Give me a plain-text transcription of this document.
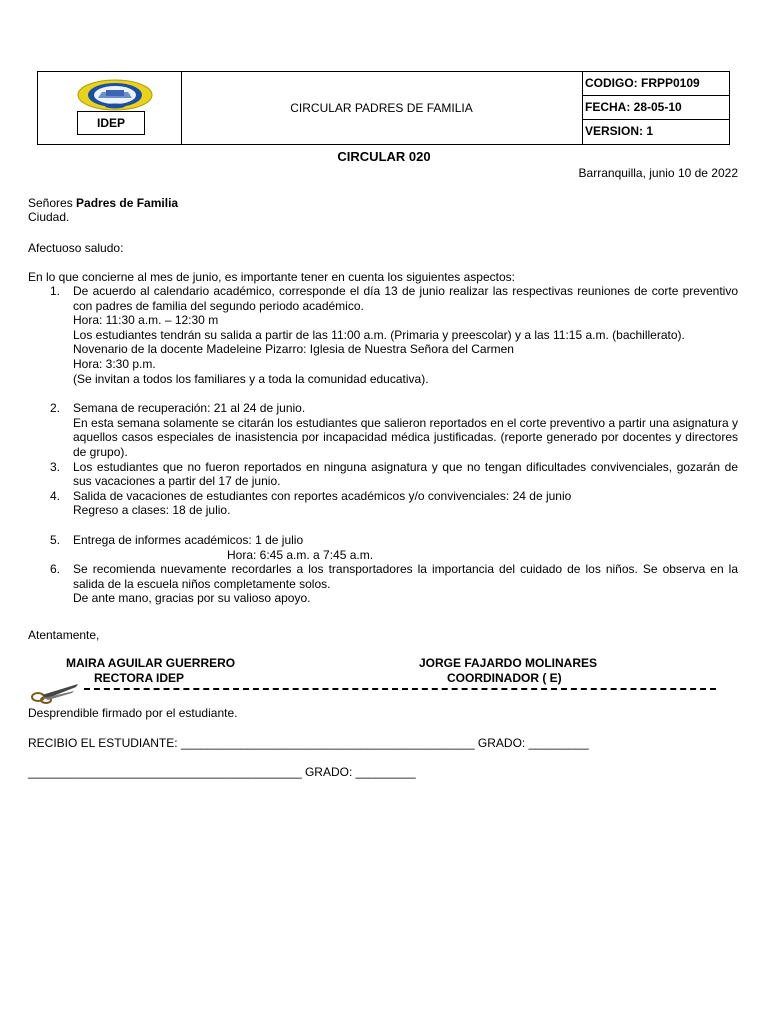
IDEP
CIRCULAR PADRES DE FAMILIA
CODIGO: FRPP0109
FECHA: 28-05-10
VERSION: 1
CIRCULAR 020
Barranquilla, junio 10 de 2022
Señores Padres de Familia
Ciudad.
Afectuoso saludo:
En lo que concierne al mes de junio, es importante tener en cuenta los siguientes aspectos:
1. De acuerdo al calendario académico, corresponde el día 13 de junio realizar las respectivas reuniones de corte preventivo con padres de familia del segundo periodo académico.
Hora: 11:30 a.m. – 12:30 m
Los estudiantes tendrán su salida a partir de las 11:00 a.m. (Primaria y preescolar) y a las 11:15 a.m. (bachillerato).
Novenario de la docente Madeleine Pizarro: Iglesia de Nuestra Señora del Carmen
Hora: 3:30 p.m.
(Se invitan a todos los familiares y a toda la comunidad educativa).
2. Semana de recuperación: 21 al 24 de junio.
En esta semana solamente se citarán los estudiantes que salieron reportados en el corte preventivo a partir una asignatura y aquellos casos especiales de inasistencia por incapacidad médica justificadas. (reporte generado por docentes y directores de grupo).
3. Los estudiantes que no fueron reportados en ninguna asignatura y que no tengan dificultades convivenciales, gozarán de sus vacaciones a partir del 17 de junio.
4. Salida de vacaciones de estudiantes con reportes académicos y/o convivenciales: 24 de junio
Regreso a clases: 18 de julio.
5. Entrega de informes académicos: 1 de julio
Hora: 6:45 a.m. a 7:45 a.m.
6. Se recomienda nuevamente recordarles a los transportadores la importancia del cuidado de los niños. Se observa en la salida de la escuela niños completamente solos.
De ante mano, gracias por su valioso apoyo.
Atentamente,
MAIRA AGUILAR GUERRERO
RECTORA IDEP
JORGE FAJARDO MOLINARES
COORDINADOR ( E)
Desprendible firmado por el estudiante.
RECIBIO EL ESTUDIANTE: ____________________________________________ GRADO: _________
_________________________________________ GRADO: _________
